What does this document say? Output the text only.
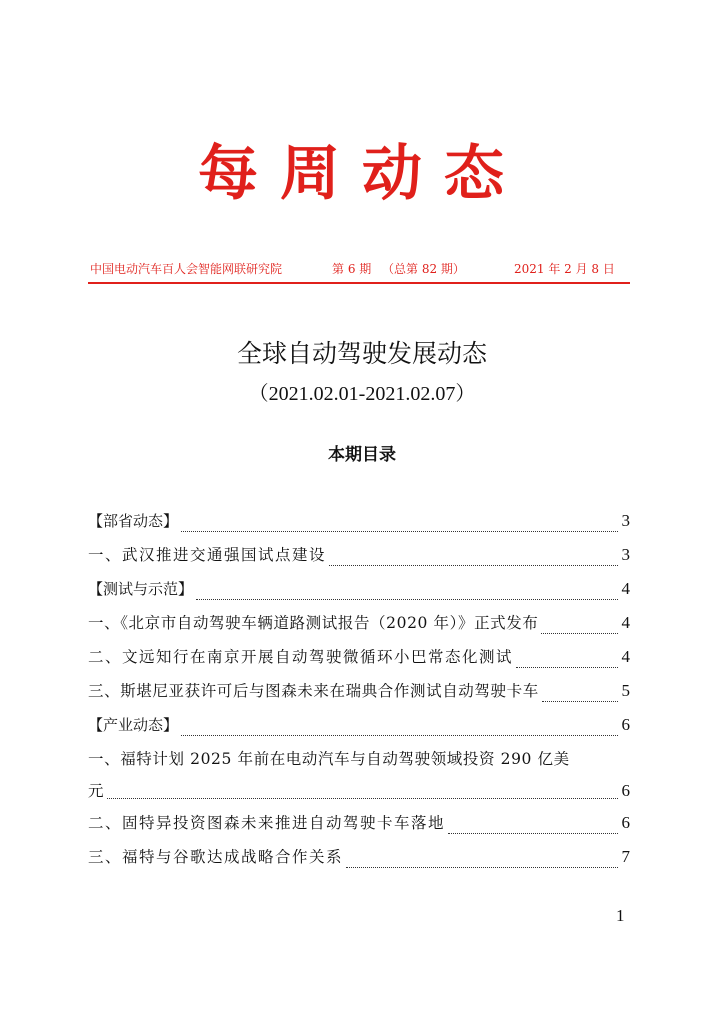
每周动态
中国电动汽车百人会智能网联研究院	第 6 期 （总第 82 期）	2021 年 2 月 8 日
全球自动驾驶发展动态
（2021.02.01-2021.02.07）
本期目录
【部省动态】	3
一、武汉推进交通强国试点建设	3
【测试与示范】	4
一、《北京市自动驾驶车辆道路测试报告（2020 年）》正式发布	4
二、文远知行在南京开展自动驾驶微循环小巴常态化测试	4
三、斯堪尼亚获许可后与图森未来在瑞典合作测试自动驾驶卡车	5
【产业动态】	6
一、福特计划 2025 年前在电动汽车与自动驾驶领域投资 290 亿美
元	6
二、固特异投资图森未来推进自动驾驶卡车落地	6
三、福特与谷歌达成战略合作关系	7
1
